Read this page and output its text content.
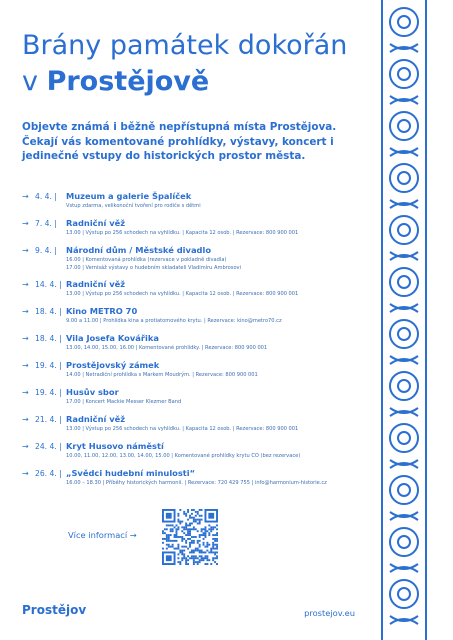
Brány památek dokořán
v Prostějově

Objevte známá i běžně nepřístupná místa Prostějova. Čekají vás komentované prohlídky, výstavy, koncert i jedinečné vstupy do historických prostor města.

→ 4. 4. | Muzeum a galerie Špalíček
Vstup zdarma, velikonoční tvoření pro rodiče s dětmi
→ 7. 4. | Radniční věž
13.00 | Výstup po 256 schodech na vyhlídku. | Kapacita 12 osob. | Rezervace: 800 900 001
→ 9. 4. | Národní dům / Městské divadlo
16.00 | Komentovaná prohlídka (rezervace v pokladně divadla)
17.00 | Vernisáž výstavy o hudebním skladateli Vladimíru Ambrosovi
→ 14. 4. | Radniční věž
13.00 | Výstup po 256 schodech na vyhlídku. | Kapacita 12 osob. | Rezervace: 800 900 001
→ 18. 4. | Kino METRO 70
9.00 a 11.00 | Prohlídka kina a protiatomového krytu. | Rezervace: kino@metro70.cz
→ 18. 4. | Vila Josefa Kovářika
13.00, 14.00, 15.00, 16.00 | Komentované prohlídky. | Rezervace: 800 900 001
→ 19. 4. | Prostějovský zámek
14.00 | Netradiční prohlídka s Markem Moudrým. | Rezervace: 800 900 001
→ 19. 4. | Husův sbor
17.00 | Koncert Mackie Messer Klezmer Band
→ 21. 4. | Radniční věž
13.00 | Výstup po 256 schodech na vyhlídku. | Kapacita 12 osob. | Rezervace: 800 900 001
→ 24. 4. | Kryt Husovo náměstí
10.00, 11.00, 12.00, 13.00, 14.00, 15.00 | Komentované prohlídky krytu CO (bez rezervace)
→ 26. 4. | „Svědci hudební minulosti“
16.00 – 18.30 | Příběhy historických harmonií. | Rezervace: 720 429 755 | info@harmonium-historie.cz
Více informací →
Prostějov	prostejov.eu
